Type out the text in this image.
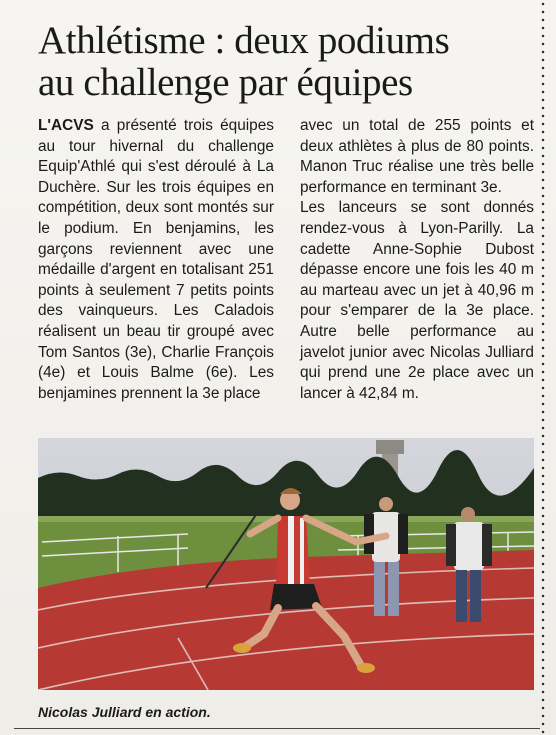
Athlétisme : deux podiums
au challenge par équipes

L'ACVS a présenté trois équipes au tour hivernal du challenge Equip'Athlé qui s'est déroulé à La Duchère. Sur les trois équipes en compétition, deux sont montés sur le podium. En benjamins, les garçons reviennent avec une médaille d'argent en totalisant 251 points à seulement 7 petits points des vainqueurs. Les Caladois réalisent un beau tir groupé avec Tom Santos (3e), Charlie François (4e) et Louis Balme (6e). Les benjamines prennent la 3e place

avec un total de 255 points et deux athlètes à plus de 80 points. Manon Truc réalise une très belle performance en terminant 3e.

Les lanceurs se sont donnés rendez-vous à Lyon-Parilly. La cadette Anne-Sophie Dubost dépasse encore une fois les 40 m au marteau avec un jet à 40,96 m pour s'emparer de la 3e place. Autre belle performance au javelot junior avec Nicolas Julliard qui prend une 2e place avec un lancer à 42,84 m.

Nicolas Julliard en action.
